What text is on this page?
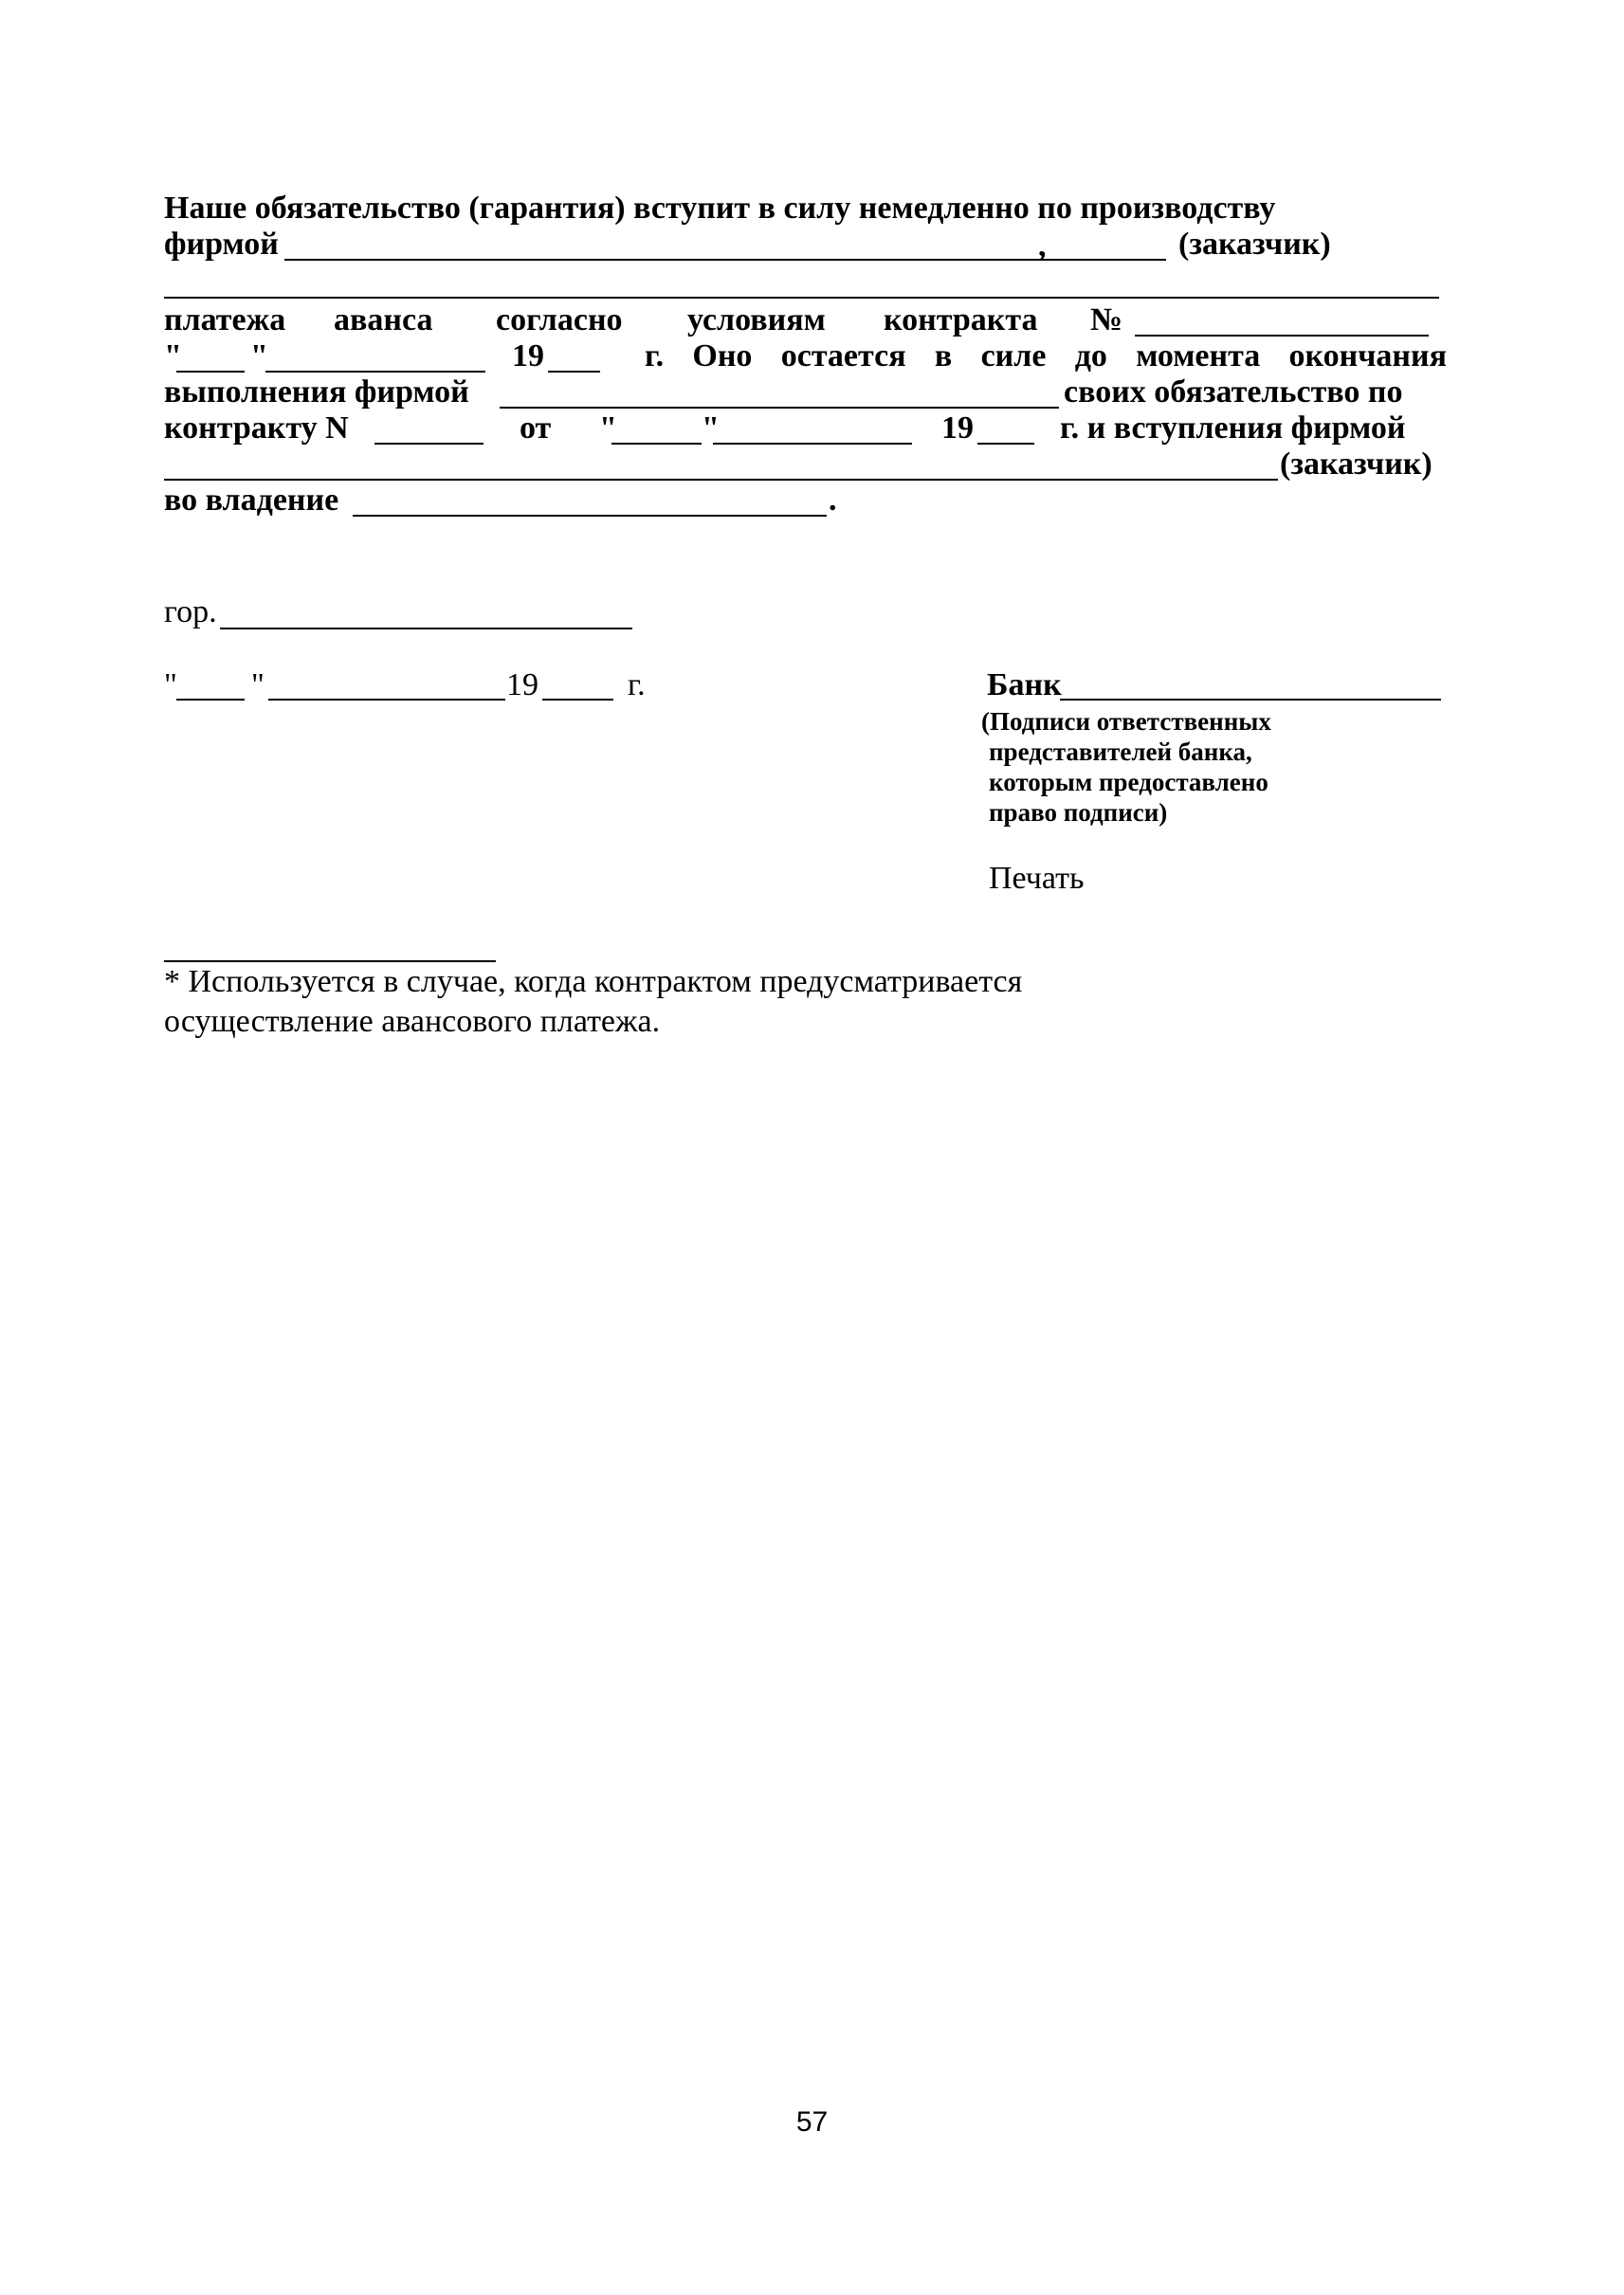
Наше обязательство (гарантия) вступит в силу немедленно по производству
фирмой	,	(заказчик)
платежа аванса согласно условиям контракта №
" "	19	г. Оно остается в силе до момента окончания
выполнения фирмой	своих обязательство по
контракту N	от "	"	19	г. и вступления фирмой
(заказчик)
во владение	.
гор.
" "	19	г.	Банк
(Подписи ответственных
представителей банка,
которым предоставлено
право подписи)
Печать
* Используется в случае, когда контрактом предусматривается
осуществление авансового платежа.
57
